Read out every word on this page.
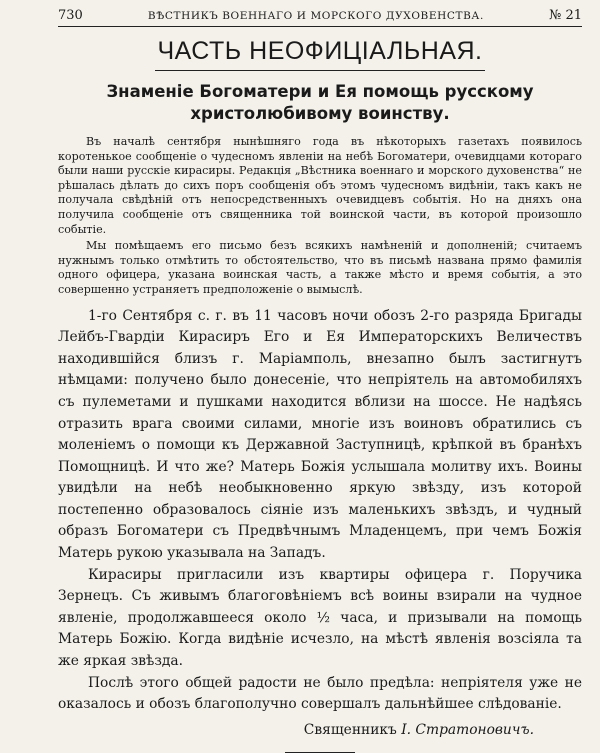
730	ВѢСТНИКЪ ВОЕННАГО И МОРСКОГО ДУХОВЕНСТВА.	№ 21
ЧАСТЬ НЕОФИЦІАЛЬНАЯ.
Знаменіе Богоматери и Ея помощь русскому христолюбивому воинству.

Въ началѣ сентября нынѣшняго года въ нѣкоторыхъ газетахъ появилось коротенькое сообщеніе о чудесномъ явленіи на небѣ Богоматери, очевидцами котораго были наши русскіе кирасиры. Редакція „Вѣстника военнаго и морского духовенства“ не рѣшалась дѣлать до сихъ поръ сообщенія объ этомъ чудесномъ видѣніи, такъ какъ не получала свѣдѣній отъ непосредственныхъ очевидцевъ событія. Но на дняхъ она получила сообщеніе отъ священника той воинской части, въ которой произошло событіе.

Мы помѣщаемъ его письмо безъ всякихъ намѣненій и дополненій; считаемъ нужнымъ только отмѣтить то обстоятельство, что въ письмѣ названа прямо фамилія одного офицера, указана воинская часть, а также мѣсто и время событія, а это совершенно устраняетъ предположеніе о вымыслѣ.

1-го Сентября с. г. въ 11 часовъ ночи обозъ 2-го разряда Бригады Лейбъ-Гвардіи Кирасиръ Его и Ея Императорскихъ Величествъ находившійся близъ г. Маріамполь, внезапно былъ застигнутъ нѣмцами: получено было донесеніе, что непріятель на автомобиляхъ съ пулеметами и пушками находится вблизи на шоссе. Не надѣясь отразить врага своими силами, многіе изъ воиновъ обратились съ моленіемъ о помощи къ Державной Заступницѣ, крѣпкой въ бранѣхъ Помощницѣ. И что же? Матерь Божія услышала молитву ихъ. Воины увидѣли на небѣ необыкновенно яркую звѣзду, изъ которой постепенно образовалось сіяніе изъ маленькихъ звѣздъ, и чудный образъ Богоматери съ Предвѣчнымъ Младенцемъ, при чемъ Божія Матерь рукою указывала на Западъ.

Кирасиры пригласили изъ квартиры офицера г. Поручика Зернецъ. Съ живымъ благоговѣніемъ всѣ воины взирали на чудное явленіе, продолжавшееся около ½ часа, и призывали на помощь Матерь Божію. Когда видѣніе исчезло, на мѣстѣ явленія возсіяла та же яркая звѣзда.

Послѣ этого общей радости не было предѣла: непріятеля уже не оказалось и обозъ благополучно совершалъ дальнѣйшее слѣдованіе.

Священникъ I. Стратоновичъ.
